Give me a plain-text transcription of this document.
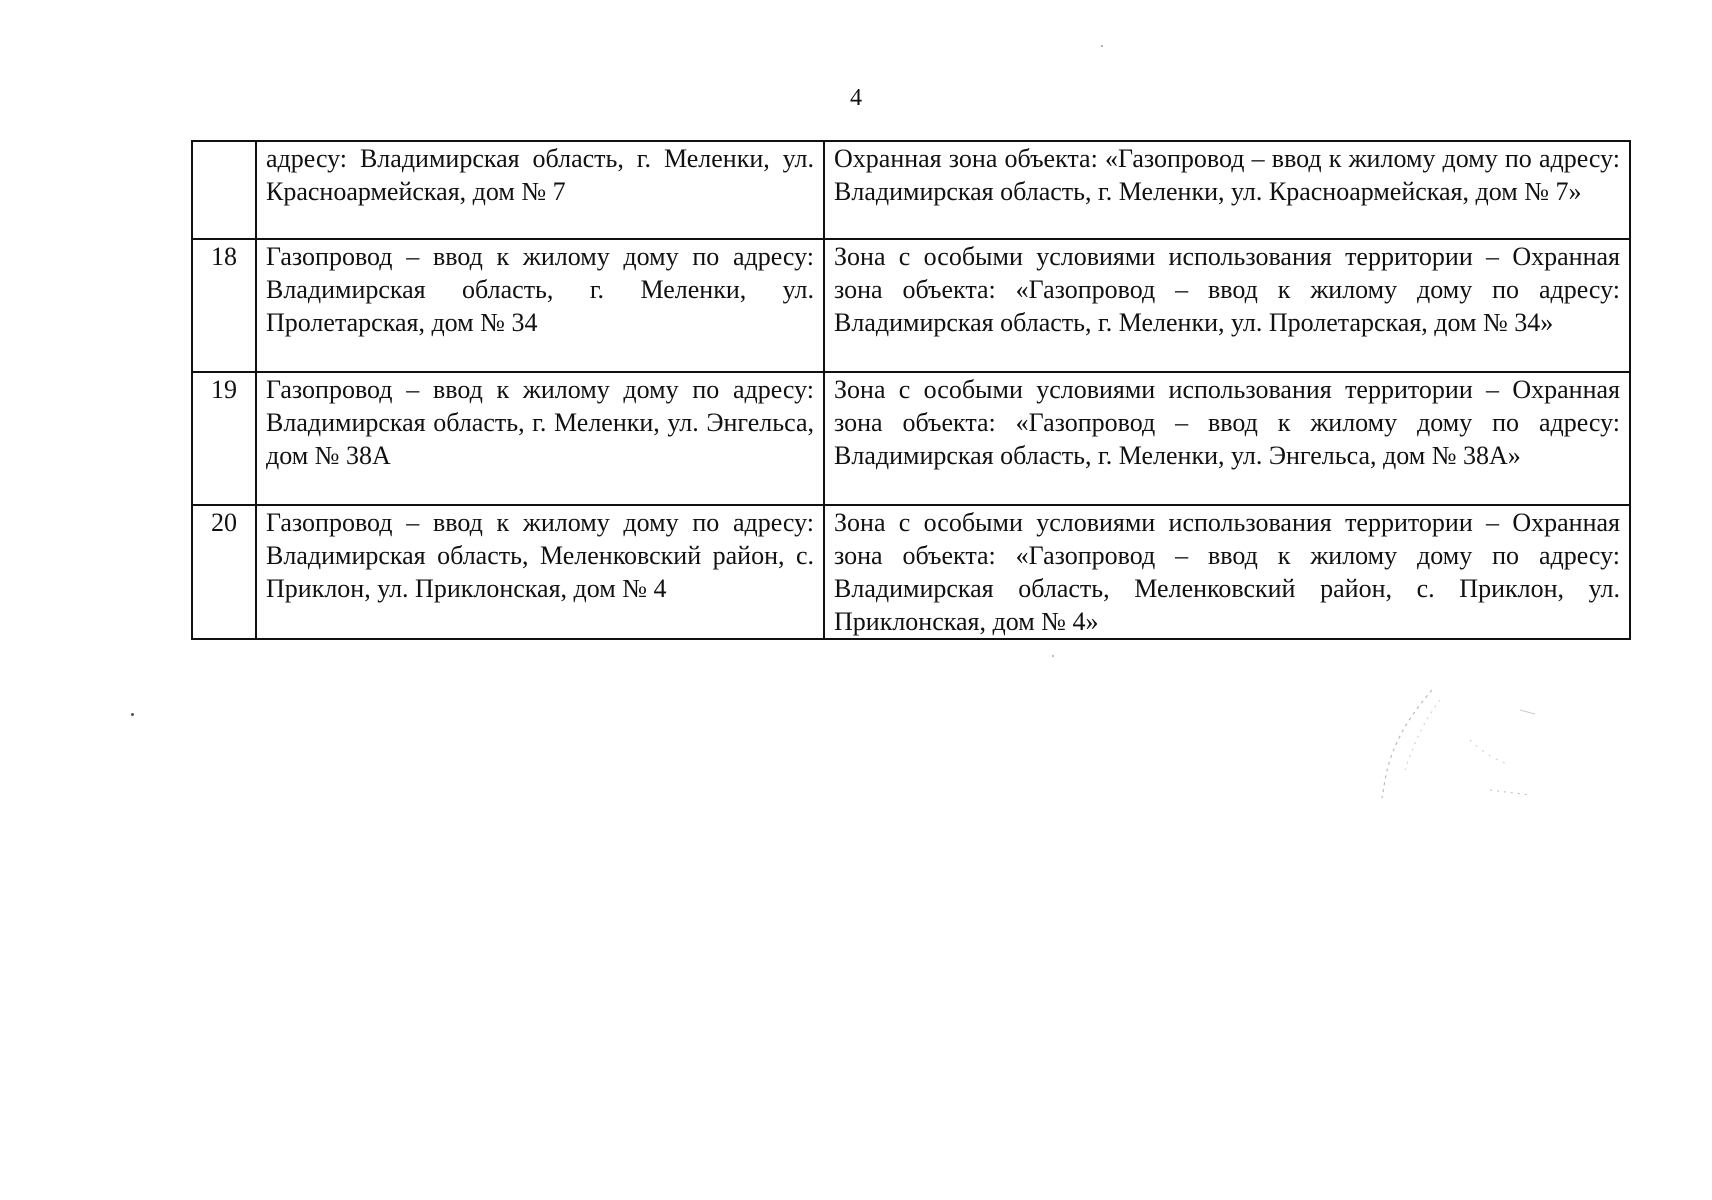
4
	адресу: Владимирская область, г. Меленки, ул. Красноармейская, дом № 7	Охранная зона объекта: «Газопровод – ввод к жилому дому по адресу: Владимирская область, г. Меленки, ул. Красноармейская, дом № 7»
18	Газопровод – ввод к жилому дому по адресу: Владимирская область, г. Меленки, ул. Пролетарская, дом № 34	Зона с особыми условиями использования территории – Охранная зона объекта: «Газопровод – ввод к жилому дому по адресу: Владимирская область, г. Меленки, ул. Пролетарская, дом № 34»
19	Газопровод – ввод к жилому дому по адресу: Владимирская область, г. Меленки, ул. Энгельса, дом № 38А	Зона с особыми условиями использования территории – Охранная зона объекта: «Газопровод – ввод к жилому дому по адресу: Владимирская область, г. Меленки, ул. Энгельса, дом № 38А»
20	Газопровод – ввод к жилому дому по адресу: Владимирская область, Меленковский район, с. Приклон, ул. Приклонская, дом № 4	Зона с особыми условиями использования территории – Охранная зона объекта: «Газопровод – ввод к жилому дому по адресу: Владимирская область, Меленковский район, с. Приклон, ул. Приклонская, дом № 4»
